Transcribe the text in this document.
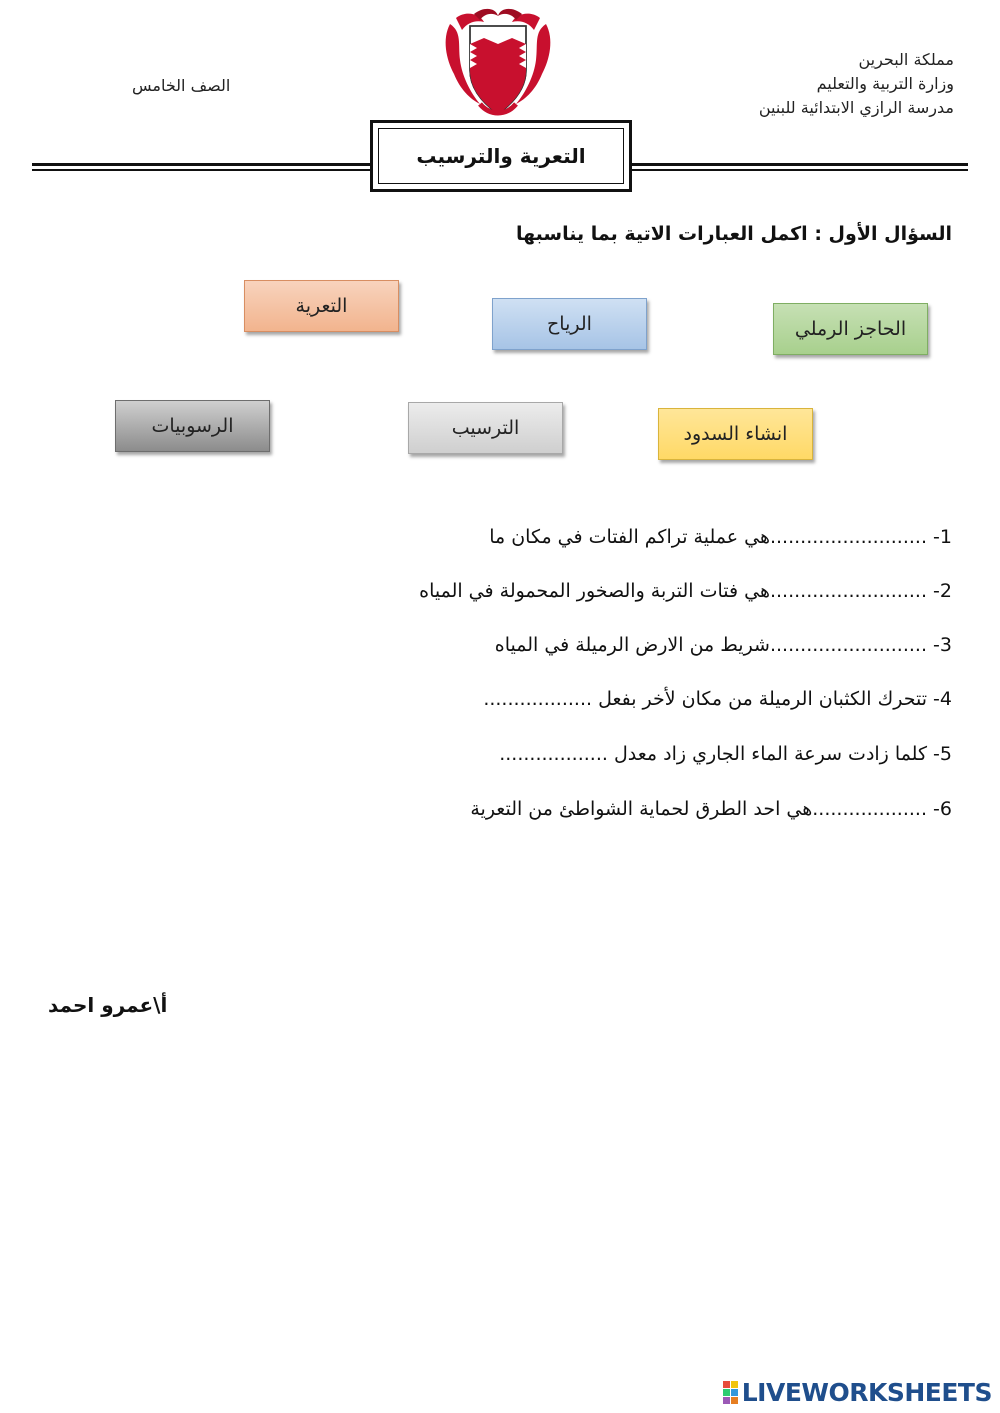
مملكة البحرين
وزارة التربية والتعليم
مدرسة الرازي الابتدائية للبنين
الصف الخامس
التعرية والترسيب
السؤال الأول : اكمل العبارات الاتية بما يناسبها
الحاجز الرملي
الرياح
التعرية
انشاء السدود
الترسيب
الرسوبيات
1- ..........................هي عملية تراكم الفتات في مكان ما
2- ..........................هي فتات التربة والصخور المحمولة في المياه
3- ..........................شريط من الارض الرميلة في المياه
4- تتحرك الكثبان الرميلة من مكان لأخر بفعل ..................
5- كلما زادت سرعة الماء الجاري زاد معدل ..................
6- ...................هي احد الطرق لحماية الشواطئ من التعرية
أ\عمرو احمد
LIVEWORKSHEETS
